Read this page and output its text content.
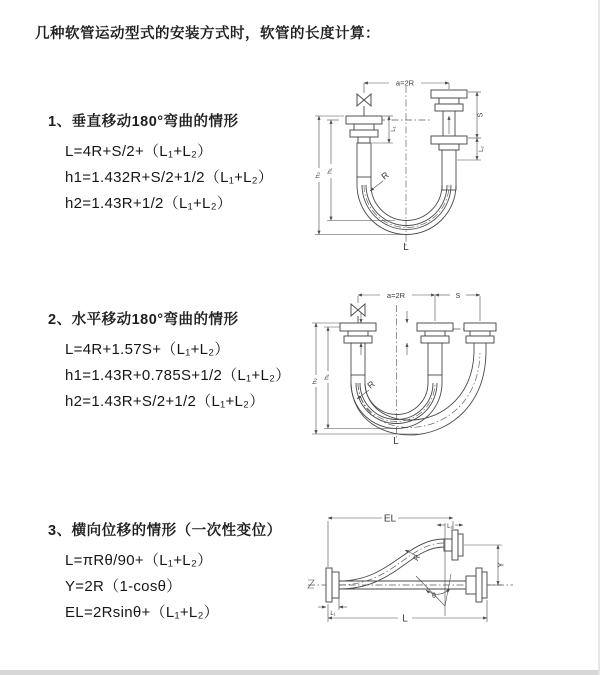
几种软管运动型式的安装方式时，软管的长度计算：
1、垂直移动180°弯曲的情形
L=4R+S/2+（L₁+L₂）
h1=1.432R+S/2+1/2（L₁+L₂）
h2=1.43R+1/2（L₁+L₂）
a=2R
S
L₂
L₁
h₂
h₁	R
L
2、水平移动180°弯曲的情形
L=4R+1.57S+（L₁+L₂）
h1=1.43R+0.785S+1/2（L₁+L₂）
h2=1.43R+S/2+1/2（L₁+L₂）
a=2R	S
h₂
h₁
R
L
3、横向位移的情形（一次性变位）
L=πRθ/90+（L₁+L₂）
Y=2R（1-cosθ）
EL=2Rsinθ+（L₁+L₂）
EL
L₂
Y
L
L₁
θ
R
